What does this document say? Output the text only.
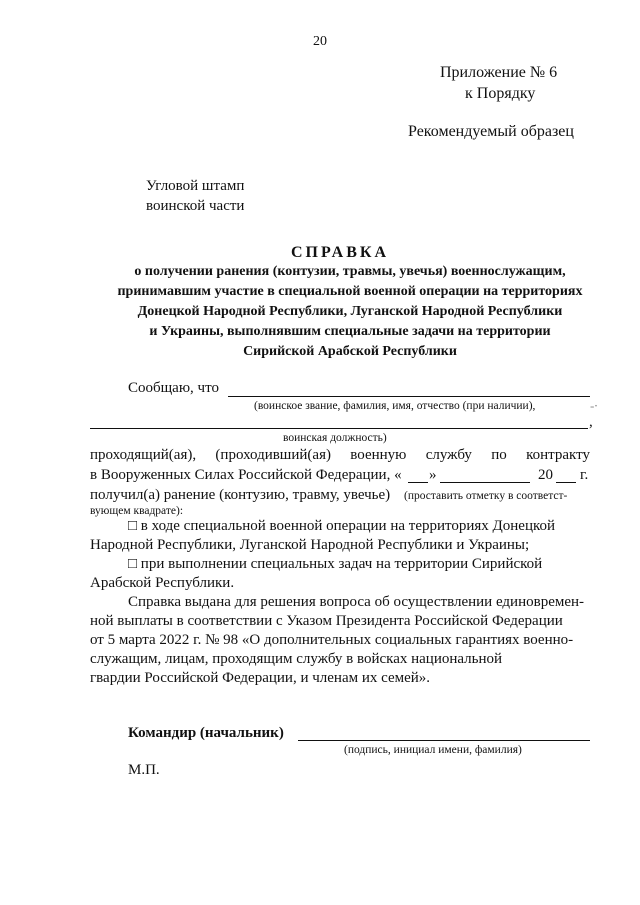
20
Приложение № 6
к Порядку
Рекомендуемый образец
Угловой штамп
воинской части
СПРАВКА
о получении ранения (контузии, травмы, увечья) военнослужащим,
принимавшим участие в специальной военной операции на территориях
Донецкой Народной Республики, Луганской Народной Республики
и Украины, выполнявшим специальные задачи на территории
Сирийской Арабской Республики
Сообщаю, что
(воинское звание, фамилия, имя, отчество (при наличии),	-∙
,
воинская должность)
проходящий(ая), (проходивший(ая) военную службу по контракту
в Вооруженных Силах Российской Федерации, « »	20 г.
получил(а) ранение (контузию, травму, увечье) (проставить отметку в соответст-
вующем квадрате):
□ в ходе специальной военной операции на территориях Донецкой
Народной Республики, Луганской Народной Республики и Украины;
□ при выполнении специальных задач на территории Сирийской
Арабской Республики.
Справка выдана для решения вопроса об осуществлении единовремен-
ной выплаты в соответствии с Указом Президента Российской Федерации
от 5 марта 2022 г. № 98 «О дополнительных социальных гарантиях военно-
служащим, лицам, проходящим службу в войсках национальной
гвардии Российской Федерации, и членам их семей».
Командир (начальник)
(подпись, инициал имени, фамилия)
М.П.
